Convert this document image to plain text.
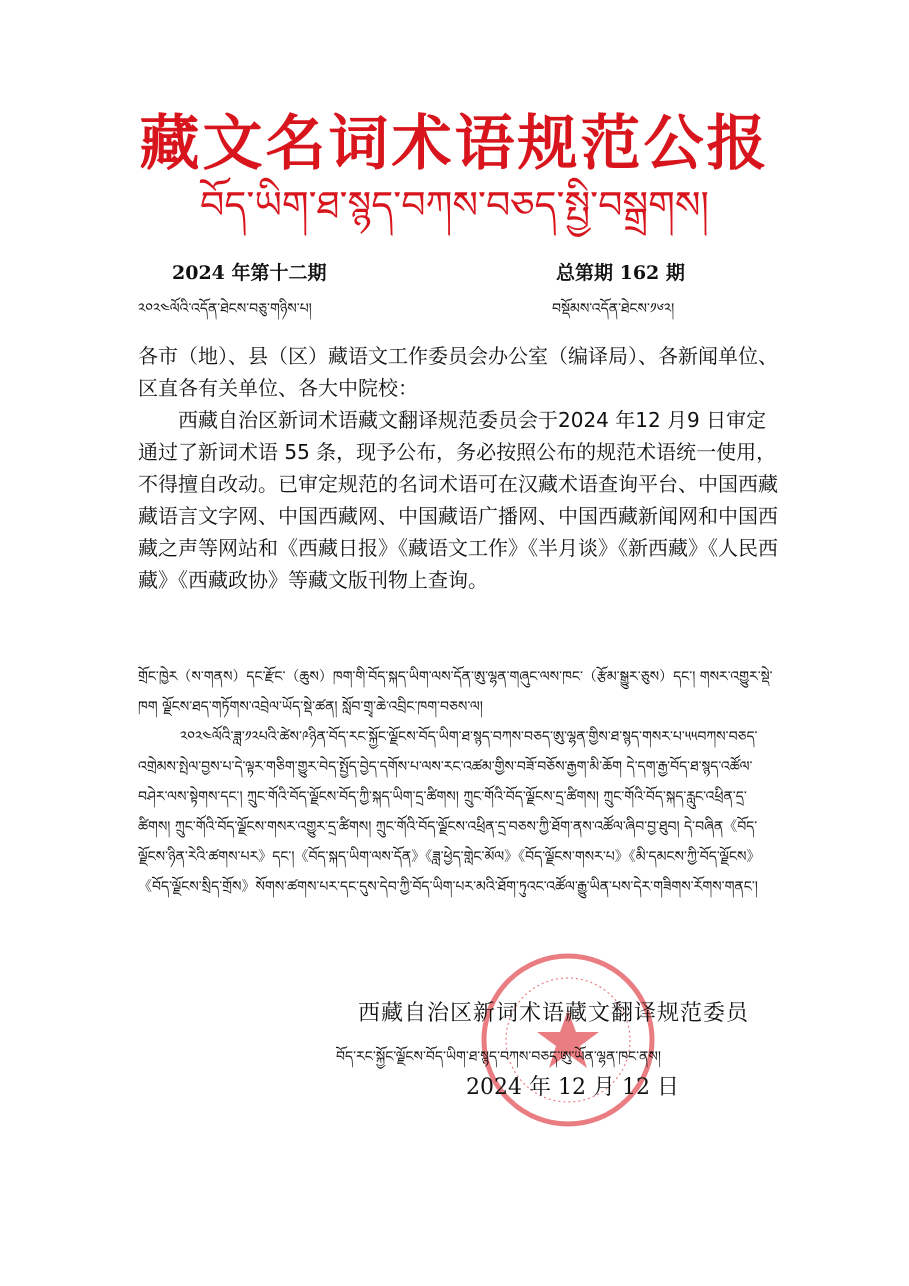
藏文名词术语规范公报
བོད་ཡིག་ཐ་སྙད་བཀས་བཅད་སྤྱི་བསྒྲགས།
2024 年第十二期	总第期 162 期
༢༠༢༤ལོའི་འདོན་ཐེངས་བཅུ་གཉིས་པ།	བསྡོམས་འདོན་ཐེངས་༡༦༢།

各市（地）、县（区）藏语文工作委员会办公室（编译局）、各新闻单位、区直各有关单位、各大中院校：

西藏自治区新词术语藏文翻译规范委员会于2024 年12 月9 日审定通过了新词术语 55 条，现予公布，务必按照公布的规范术语统一使用，不得擅自改动。已审定规范的名词术语可在汉藏术语查询平台、中国西藏藏语言文字网、中国西藏网、中国藏语广播网、中国西藏新闻网和中国西藏之声等网站和《西藏日报》《藏语文工作》《半月谈》《新西藏》《人民西藏》《西藏政协》等藏文版刊物上查询。

གྲོང་ཁྱེར（ས་གནས）དང་རྫོང་（ཆུས）ཁག་གི་བོད་སྐད་ཡིག་ལས་དོན་ཨུ་ལྷན་གཞུང་ལས་ཁང་（རྩོམ་སྒྱུར་ཅུས）དང་། གསར་འགྱུར་སྡེ་ཁག ལྗོངས་ཐད་གཏོགས་འབྲེལ་ཡོད་སྡེ་ཚན། སློབ་གྲྭ་ཆེ་འབྲིང་ཁག་བཅས་ལ།

༢༠༢༤ལོའི་ཟླ་༡༢པའི་ཚེས་༩ཉིན་བོད་རང་སྐྱོང་ལྗོངས་བོད་ཡིག་ཐ་སྙད་བཀས་བཅད་ཨུ་ལྷན་གྱིས་ཐ་སྙད་གསར་པ་༥༥བཀས་བཅད་འགྲེམས་སྤེལ་བྱས་པ་དེ་ལྟར་གཅིག་གྱུར་བེད་སྤྱོད་བྱེད་དགོས་པ་ལས་རང་འཚམ་གྱིས་བཟོ་བཅོས་རྒྱག་མི་ཆོག དེ་དག་རྒྱ་བོད་ཐ་སྙད་འཚོལ་བཤེར་ལས་སྟེགས་དང་། ཀྲུང་གོའི་བོད་ལྗོངས་བོད་ཀྱི་སྐད་ཡིག་དྲ་ཚིགས། ཀྲུང་གོའི་བོད་ལྗོངས་དྲ་ཚིགས། ཀྲུང་གོའི་བོད་སྐད་རླུང་འཕྲིན་དྲ་ཚིགས། ཀྲུང་གོའི་བོད་ལྗོངས་གསར་འགྱུར་དྲ་ཚིགས། ཀྲུང་གོའི་བོད་ལྗོངས་འཕྲིན་དྲ་བཅས་ཀྱི་ཐོག་ནས་འཚོལ་ཞིབ་བྱ་ཐུབ། དེ་བཞིན《བོད་ལྗོངས་ཉིན་རེའི་ཚགས་པར》དང་།《བོད་སྐད་ཡིག་ལས་དོན》《ཟླ་ཕྱེད་གླེང་མོལ》《བོད་ལྗོངས་གསར་པ》《མི་དམངས་ཀྱི་བོད་ལྗོངས》《བོད་ལྗོངས་སྲིད་གྲོས》སོགས་ཚགས་པར་དང་དུས་དེབ་ཀྱི་བོད་ཡིག་པར་མའི་ཐོག་ཏུའང་འཚོལ་རྒྱུ་ཡིན་པས་དེར་གཟིགས་རོགས་གནང་།

西藏自治区新词术语藏文翻译规范委员
བོད་རང་སྐྱོང་ལྗོངས་བོད་ཡིག་ཐ་སྙད་བཀས་བཅད་ཨུ་ཡོན་ལྷན་ཁང་ནས།
2024 年 12 月 12 日
